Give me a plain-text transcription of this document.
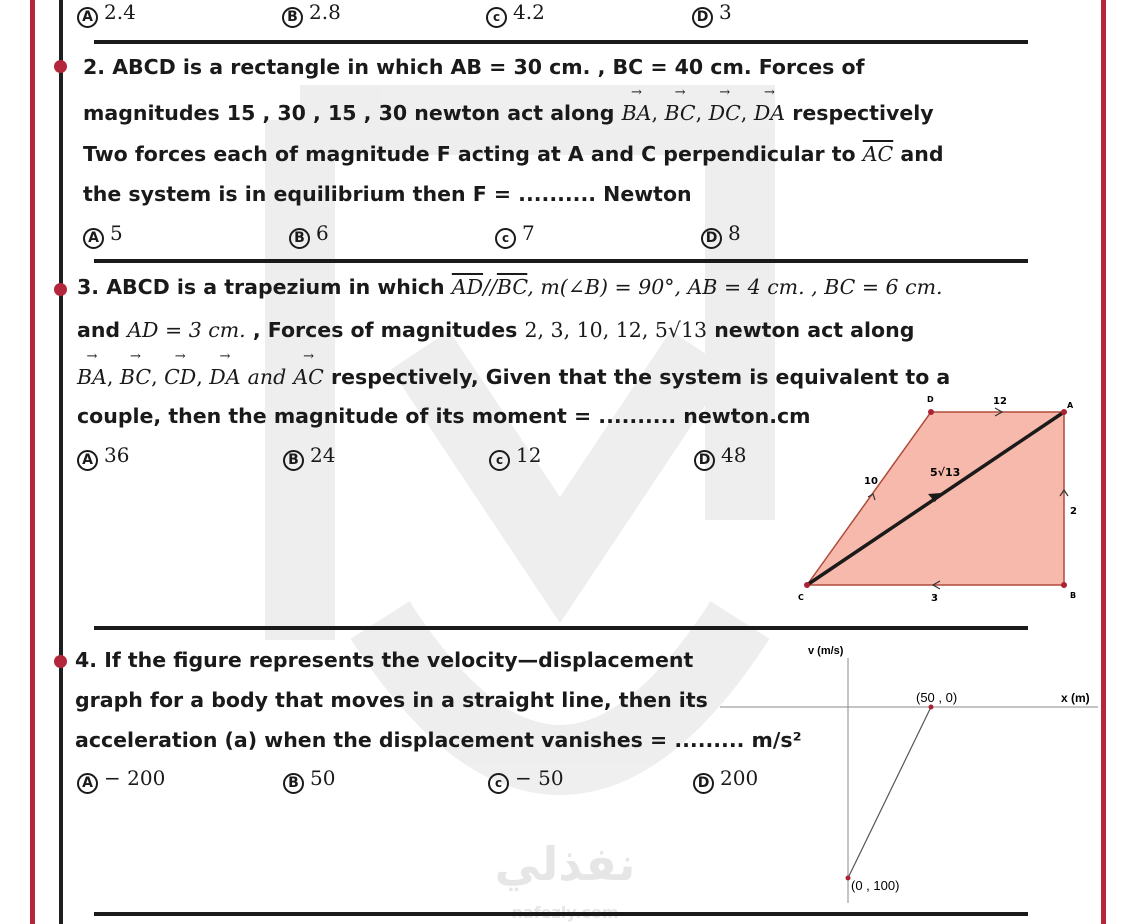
نفذلي
A 2.4	B 2.8	c 4.2	D 3
2. ABCD is a rectangle in which AB = 30 cm. , BC = 40 cm. Forces of
magnitudes 15 , 30 , 15 , 30 newton act along → BA, → BC, → DC, → DA respectively
Two forces each of magnitude F acting at A and C perpendicular to $\overline{AC}$ and
the system is in equilibrium then F = .......... Newton
A 5	B 6	c 7	D 8
3. ABCD is a trapezium in which $\overline{AD}//\overline{BC}$, m(∠B) = 90°, AB = 4 cm. , BC = 6 cm.
and AD = 3 cm. , Forces of magnitudes 2, 3, 10, 12, 5√13 newton act along
→ BA, → BC, → CD, → DA and → AC respectively, Given that the system is equivalent to a
couple, then the magnitude of its moment = .......... newton.cm
A 36	B 24	c 12	D 48
C
D
A
B
12
10
5√13
2
3
4. If the figure represents the velocity—displacement
graph for a body that moves in a straight line, then its
acceleration (a) when the displacement vanishes = ......... m/s²
A − 200	B 50	c − 50	D 200
v (m/s)
x (m)
(50 , 0)
(0 , 100)
